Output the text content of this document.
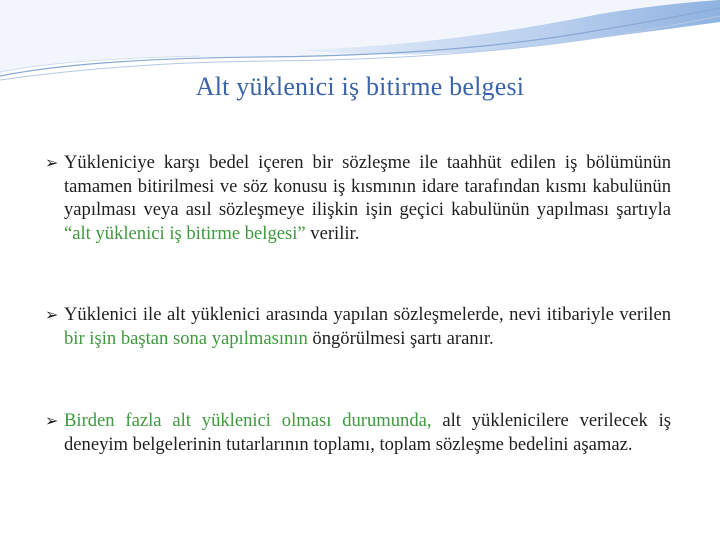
Alt yüklenici iş bitirme belgesi
➢ Yükleniciye karşı bedel içeren bir sözleşme ile taahhüt edilen iş bölümünün tamamen bitirilmesi ve söz konusu iş kısmının idare tarafından kısmı kabulünün yapılması veya asıl sözleşmeye ilişkin işin geçici kabulünün yapılması şartıyla “alt yüklenici iş bitirme belgesi” verilir.
➢ Yüklenici ile alt yüklenici arasında yapılan sözleşmelerde, nevi itibariyle verilen bir işin baştan sona yapılmasının öngörülmesi şartı aranır.
➢ Birden fazla alt yüklenici olması durumunda, alt yüklenicilere verilecek iş deneyim belgelerinin tutarlarının toplamı, toplam sözleşme bedelini aşamaz.
